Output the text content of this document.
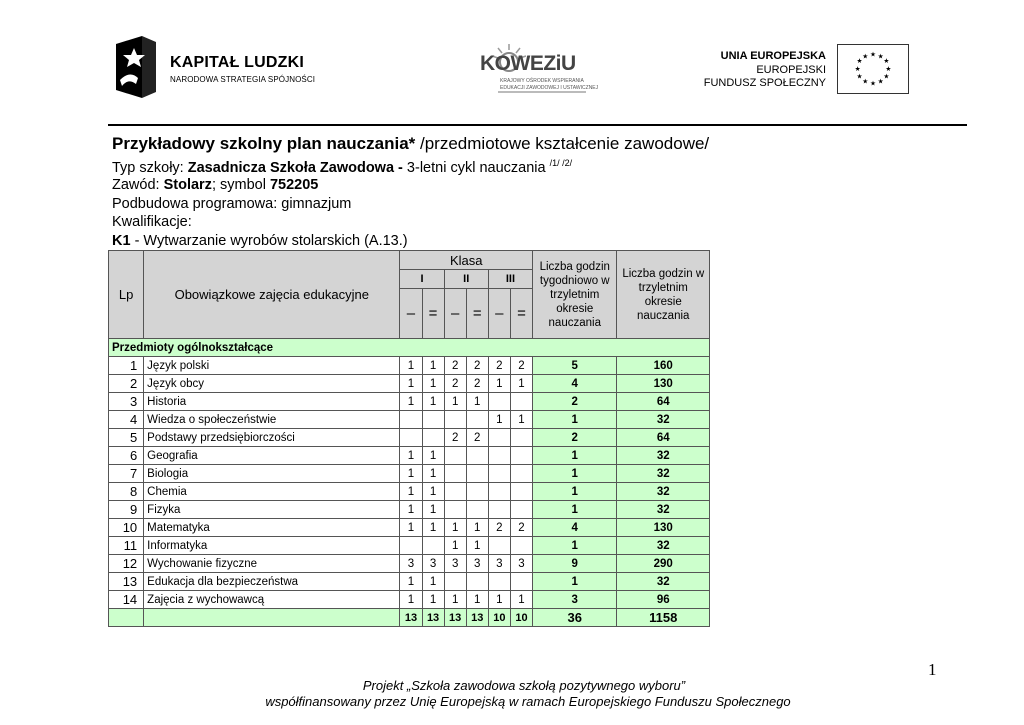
KAPITAŁ LUDZKI
NARODOWA STRATEGIA SPÓJNOŚCI
KOWEZiU
KRAJOWY OŚRODEK WSPIERANIA
EDUKACJI ZAWODOWEJ I USTAWICZNEJ
UNIA EUROPEJSKA
EUROPEJSKI
FUNDUSZ SPOŁECZNY
★ ★
★
★
★
★
★
★
★
★
★
★
Przykładowy szkolny plan nauczania* /przedmiotowe kształcenie zawodowe/
Typ szkoły: Zasadnicza Szkoła Zawodowa - 3-letni cykl nauczania $^{/1/ /2/}$
Zawód: Stolarz; symbol 752205
Podbudowa programowa: gimnazjum
Kwalifikacje:
K1 - Wytwarzanie wyrobów stolarskich (A.13.)
Lp	Obowiązkowe zajęcia edukacyjne	Klasa						Liczba godzin tygodniowo w trzyletnim okresie nauczania	Liczba godzin w trzyletnim okresie nauczania
		I		II		III			
		–	=	–	=	–	=		
Przedmioty ogólnokształcące									
1	Język polski	1	1	2	2	2	2	5	160
2	Język obcy	1	1	2	2	1	1	4	130
3	Historia	1	1	1	1			2	64
4	Wiedza o społeczeństwie					1	1	1	32
5	Podstawy przedsiębiorczości			2	2			2	64
6	Geografia	1	1					1	32
7	Biologia	1	1					1	32
8	Chemia	1	1					1	32
9	Fizyka	1	1					1	32
10	Matematyka	1	1	1	1	2	2	4	130
11	Informatyka			1	1			1	32
12	Wychowanie fizyczne	3	3	3	3	3	3	9	290
13	Edukacja dla bezpieczeństwa	1	1					1	32
14	Zajęcia z wychowawcą	1	1	1	1	1	1	3	96
		13	13	13	13	10	10	36	1158
1
Projekt „Szkoła zawodowa szkołą pozytywnego wyboru”
współfinansowany przez Unię Europejską w ramach Europejskiego Funduszu Społecznego
